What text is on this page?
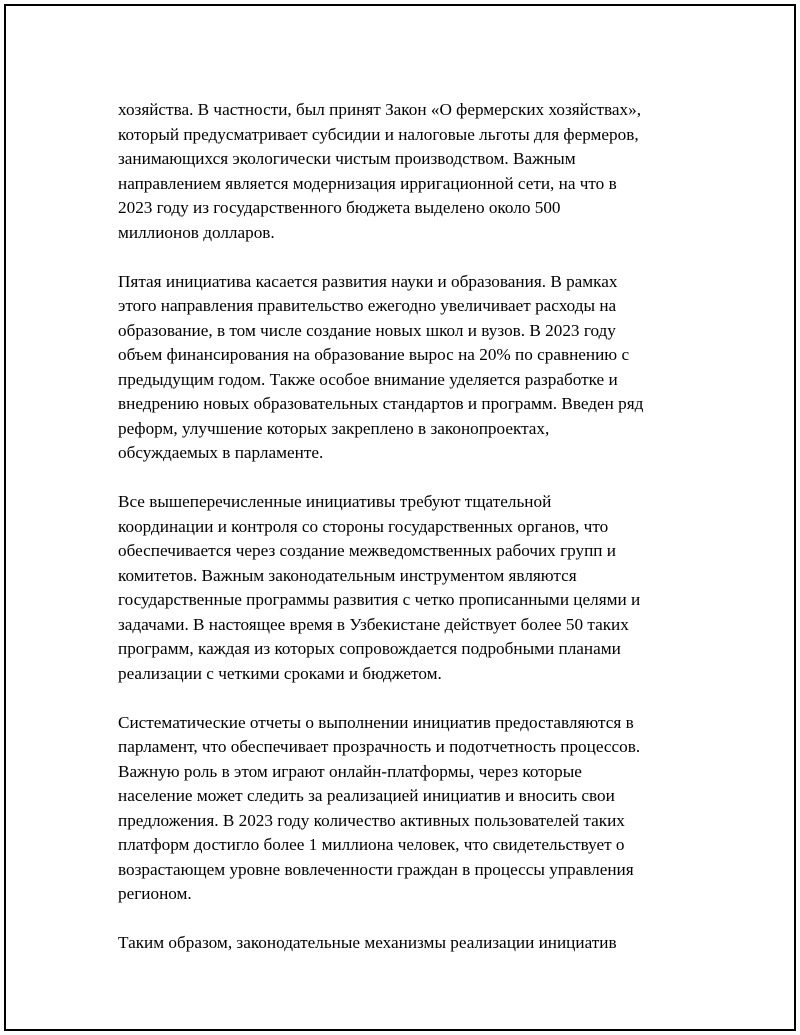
хозяйства. В частности, был принят Закон «О фермерских хозяйствах»,
который предусматривает субсидии и налоговые льготы для фермеров,
занимающихся экологически чистым производством. Важным
направлением является модернизация ирригационной сети, на что в
2023 году из государственного бюджета выделено около 500
миллионов долларов.
Пятая инициатива касается развития науки и образования. В рамках
этого направления правительство ежегодно увеличивает расходы на
образование, в том числе создание новых школ и вузов. В 2023 году
объем финансирования на образование вырос на 20% по сравнению с
предыдущим годом. Также особое внимание уделяется разработке и
внедрению новых образовательных стандартов и программ. Введен ряд
реформ, улучшение которых закреплено в законопроектах,
обсуждаемых в парламенте.
Все вышеперечисленные инициативы требуют тщательной
координации и контроля со стороны государственных органов, что
обеспечивается через создание межведомственных рабочих групп и
комитетов. Важным законодательным инструментом являются
государственные программы развития с четко прописанными целями и
задачами. В настоящее время в Узбекистане действует более 50 таких
программ, каждая из которых сопровождается подробными планами
реализации с четкими сроками и бюджетом.
Систематические отчеты о выполнении инициатив предоставляются в
парламент, что обеспечивает прозрачность и подотчетность процессов.
Важную роль в этом играют онлайн-платформы, через которые
население может следить за реализацией инициатив и вносить свои
предложения. В 2023 году количество активных пользователей таких
платформ достигло более 1 миллиона человек, что свидетельствует о
возрастающем уровне вовлеченности граждан в процессы управления
регионом.
Таким образом, законодательные механизмы реализации инициатив
